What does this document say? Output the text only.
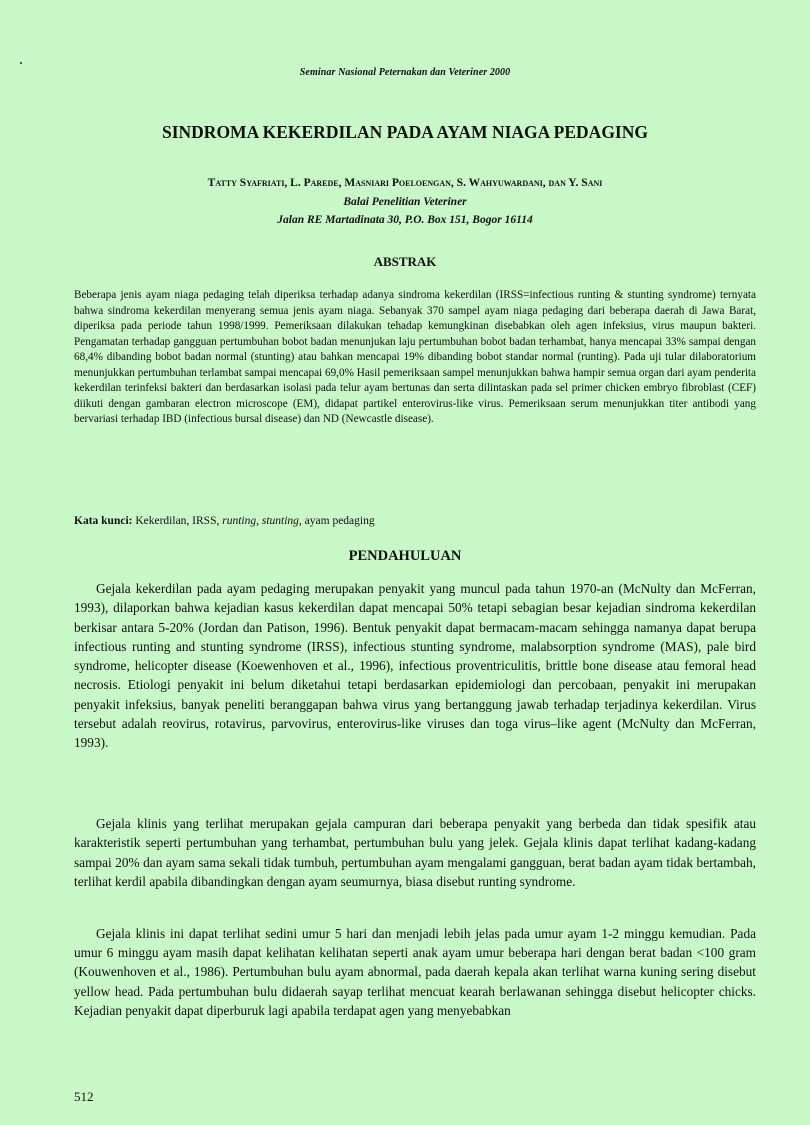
Seminar Nasional Peternakan dan Veteriner 2000
SINDROMA KEKERDILAN PADA AYAM NIAGA PEDAGING
Tatty Syafriati, L. Parede, Masniari Poeloengan, S. Wahyuwardani, dan Y. Sani
Balai Penelitian Veteriner
Jalan RE Martadinata 30, P.O. Box 151, Bogor 16114
ABSTRAK
Beberapa jenis ayam niaga pedaging telah diperiksa terhadap adanya sindroma kekerdilan (IRSS=infectious runting & stunting syndrome) ternyata bahwa sindroma kekerdilan menyerang semua jenis ayam niaga. Sebanyak 370 sampel ayam niaga pedaging dari beberapa daerah di Jawa Barat, diperiksa pada periode tahun 1998/1999. Pemeriksaan dilakukan tehadap kemungkinan disebabkan oleh agen infeksius, virus maupun bakteri. Pengamatan terhadap gangguan pertumbuhan bobot badan menunjukan laju pertumbuhan bobot badan terhambat, hanya mencapai 33% sampai dengan 68,4% dibanding bobot badan normal (stunting) atau bahkan mencapai 19% dibanding bobot standar normal (runting). Pada uji tular dilaboratorium menunjukkan pertumbuhan terlambat sampai mencapai 69,0% Hasil pemeriksaan sampel menunjukkan bahwa hampir semua organ dari ayam penderita kekerdilan terinfeksi bakteri dan berdasarkan isolasi pada telur ayam bertunas dan serta dilintaskan pada sel primer chicken embryo fibroblast (CEF) diikuti dengan gambaran electron microscope (EM), didapat partikel enterovirus-like virus. Pemeriksaan serum menunjukkan titer antibodi yang bervariasi terhadap IBD (infectious bursal disease) dan ND (Newcastle disease).
Kata kunci: Kekerdilan, IRSS, runting, stunting, ayam pedaging
PENDAHULUAN
Gejala kekerdilan pada ayam pedaging merupakan penyakit yang muncul pada tahun 1970-an (McNulty dan McFerran, 1993), dilaporkan bahwa kejadian kasus kekerdilan dapat mencapai 50% tetapi sebagian besar kejadian sindroma kekerdilan berkisar antara 5-20% (Jordan dan Patison, 1996). Bentuk penyakit dapat bermacam-macam sehingga namanya dapat berupa infectious runting and stunting syndrome (IRSS), infectious stunting syndrome, malabsorption syndrome (MAS), pale bird syndrome, helicopter disease (Koewenhoven et al., 1996), infectious proventriculitis, brittle bone disease atau femoral head necrosis. Etiologi penyakit ini belum diketahui tetapi berdasarkan epidemiologi dan percobaan, penyakit ini merupakan penyakit infeksius, banyak peneliti beranggapan bahwa virus yang bertanggung jawab terhadap terjadinya kekerdilan. Virus tersebut adalah reovirus, rotavirus, parvovirus, enterovirus-like viruses dan toga virus–like agent (McNulty dan McFerran, 1993).
Gejala klinis yang terlihat merupakan gejala campuran dari beberapa penyakit yang berbeda dan tidak spesifik atau karakteristik seperti pertumbuhan yang terhambat, pertumbuhan bulu yang jelek. Gejala klinis dapat terlihat kadang-kadang sampai 20% dan ayam sama sekali tidak tumbuh, pertumbuhan ayam mengalami gangguan, berat badan ayam tidak bertambah, terlihat kerdil apabila dibandingkan dengan ayam seumurnya, biasa disebut runting syndrome.
Gejala klinis ini dapat terlihat sedini umur 5 hari dan menjadi lebih jelas pada umur ayam 1-2 minggu kemudian. Pada umur 6 minggu ayam masih dapat kelihatan kelihatan seperti anak ayam umur beberapa hari dengan berat badan <100 gram (Kouwenhoven et al., 1986). Pertumbuhan bulu ayam abnormal, pada daerah kepala akan terlihat warna kuning sering disebut yellow head. Pada pertumbuhan bulu didaerah sayap terlihat mencuat kearah berlawanan sehingga disebut helicopter chicks. Kejadian penyakit dapat diperburuk lagi apabila terdapat agen yang menyebabkan
512
